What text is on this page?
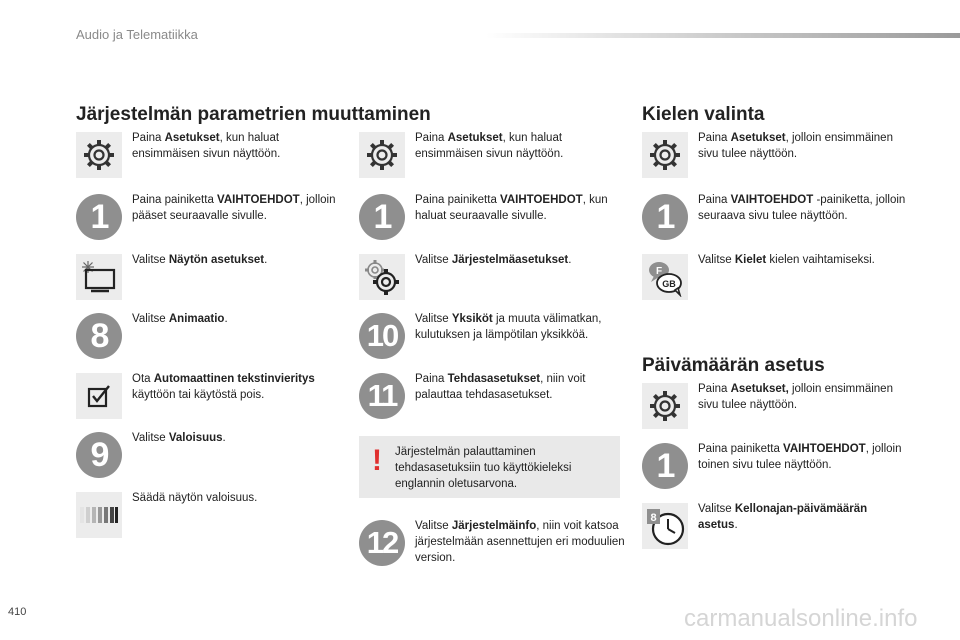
Audio ja Telematiikka
Järjestelmän parametrien muuttaminen	Kielen valinta
Päivämäärän asetus
Paina Asetukset, kun haluat ensimmäisen sivun näyttöön.
1	Paina painiketta VAIHTOEHDOT, jolloin pääset seuraavalle sivulle.
Valitse Näytön asetukset.
8	Valitse Animaatio.
Ota Automaattinen tekstinvieritys käyttöön tai käytöstä pois.
9	Valitse Valoisuus.
Säädä näytön valoisuus.
Paina Asetukset, kun haluat ensimmäisen sivun näyttöön.
1	Paina painiketta VAIHTOEHDOT, kun haluat seuraavalle sivulle.
Valitse Järjestelmäasetukset.
10	Valitse Yksiköt ja muuta välimatkan, kulutuksen ja lämpötilan yksikköä.
11	Paina Tehdasasetukset, niin voit palauttaa tehdasasetukset.
!	Järjestelmän palauttaminen tehdasasetuksiin tuo käyttökieleksi englannin oletusarvona.
12	Valitse Järjestelmäinfo, niin voit katsoa järjestelmään asennettujen eri moduulien version.
Paina Asetukset, jolloin ensimmäinen sivu tulee näyttöön.
1	Paina VAIHTOEHDOT -painiketta, jolloin seuraava sivu tulee näyttöön.
F
GB
Valitse Kielet kielen vaihtamiseksi.
Paina Asetukset, jolloin ensimmäinen sivu tulee näyttöön.
1	Paina painiketta VAIHTOEHDOT, jolloin toinen sivu tulee näyttöön.
8
Valitse Kellonajan-päivämäärän asetus.
410	carmanualsonline.info
